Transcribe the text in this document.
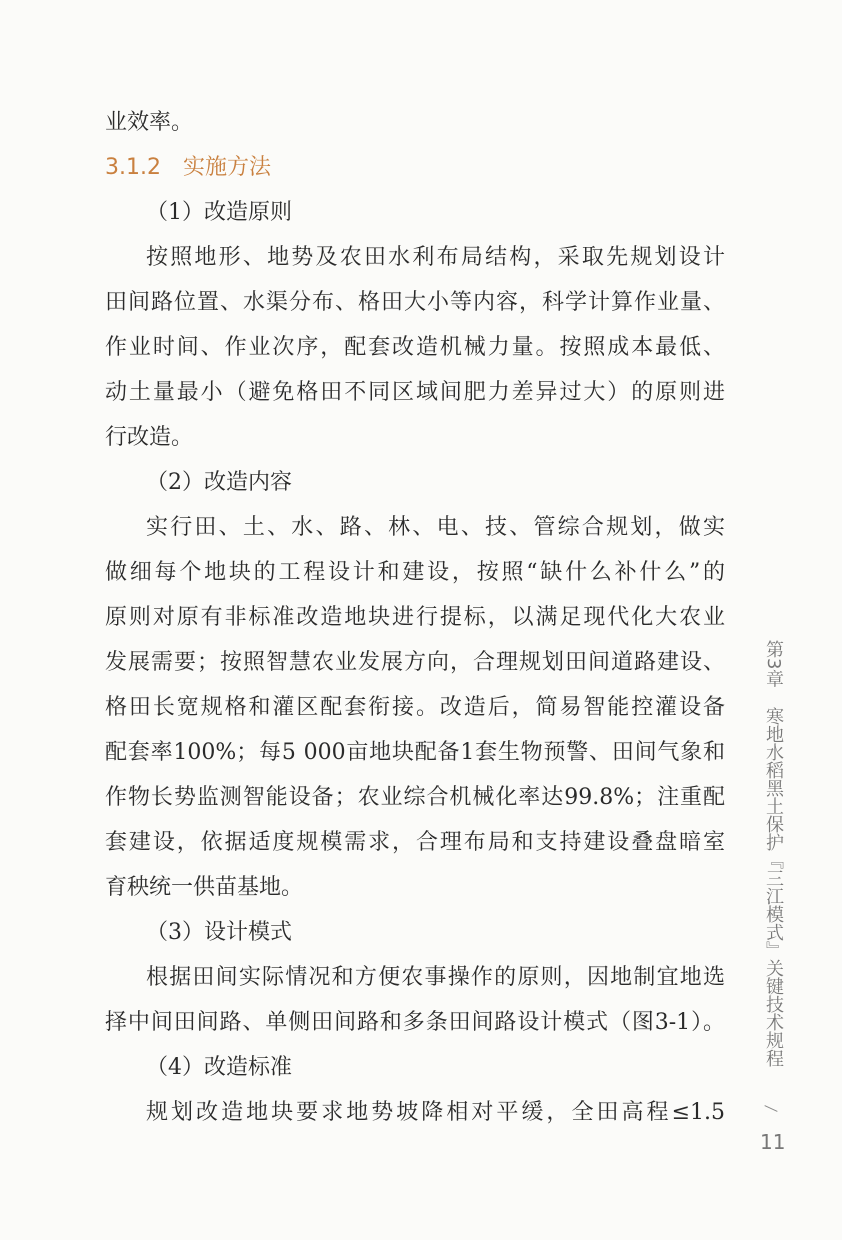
业效率。
3.1.2 实施方法
（1）改造原则
按照地形、地势及农田水利布局结构，采取先规划设计
田间路位置、水渠分布、格田大小等内容，科学计算作业量、
作业时间、作业次序，配套改造机械力量。按照成本最低、
动土量最小（避免格田不同区域间肥力差异过大）的原则进
行改造。
（2）改造内容
实行田、土、水、路、林、电、技、管综合规划，做实
做细每个地块的工程设计和建设，按照“缺什么补什么”的
原则对原有非标准改造地块进行提标，以满足现代化大农业
发展需要；按照智慧农业发展方向，合理规划田间道路建设、
格田长宽规格和灌区配套衔接。改造后，简易智能控灌设备
配套率100%；每5 000亩地块配备1套生物预警、田间气象和
作物长势监测智能设备；农业综合机械化率达99.8%；注重配
套建设，依据适度规模需求，合理布局和支持建设叠盘暗室
育秧统一供苗基地。
（3）设计模式
根据田间实际情况和方便农事操作的原则，因地制宜地选
择中间田间路、单侧田间路和多条田间路设计模式（图3-1）。
（4）改造标准
规划改造地块要求地势坡降相对平缓，全田高程≤1.5
第3章 寒地水稻黑土保护『三江模式』关键技术规程
11
